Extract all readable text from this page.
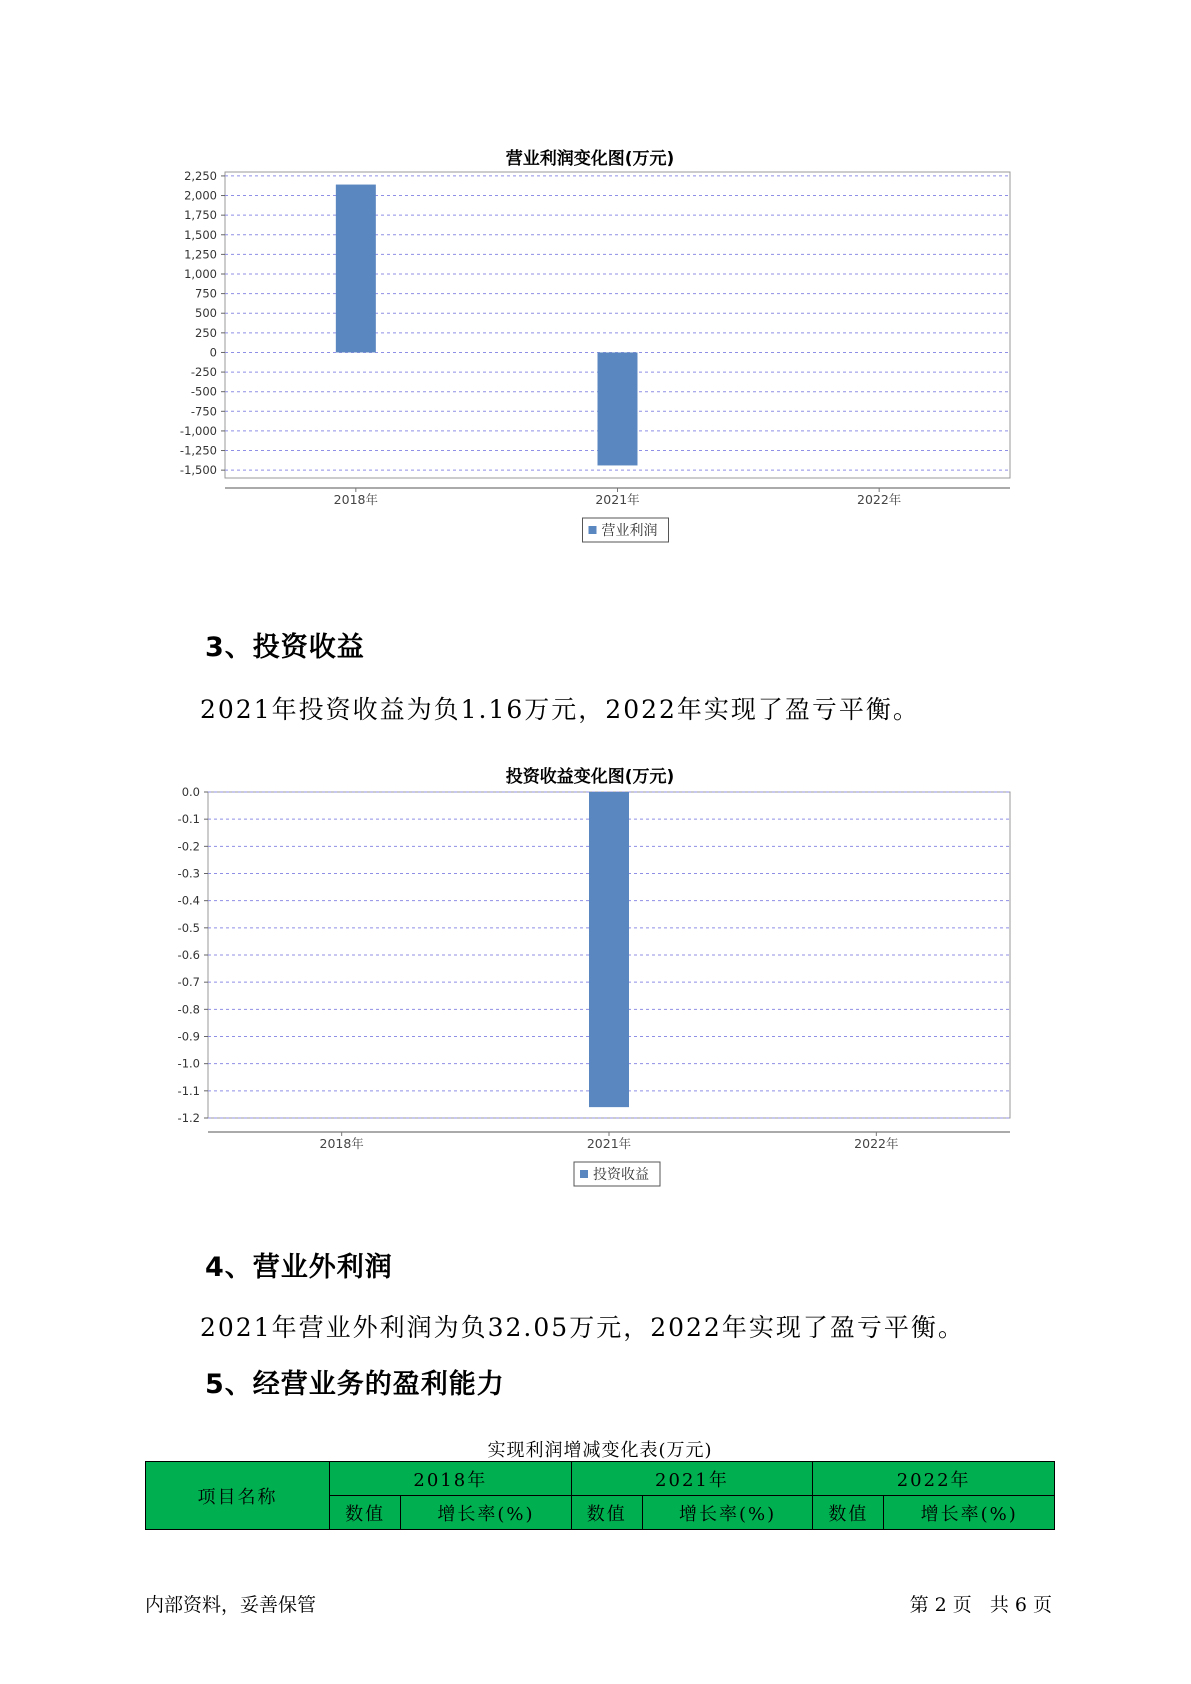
营业利润变化图(万元)
2,250
2,000
1,750
1,500
1,250
1,000
750
500
250
0
-250
-500
-750
-1,000
-1,250
-1,500
2018年	2021年	2022年
营业利润
3、投资收益
2021年投资收益为负1.16万元，2022年实现了盈亏平衡。
投资收益变化图(万元)
0.0
-0.1
-0.2
-0.3
-0.4
-0.5
-0.6
-0.7
-0.8
-0.9
-1.0
-1.1
-1.2
2018年	2021年	2022年
投资收益
4、营业外利润
2021年营业外利润为负32.05万元，2022年实现了盈亏平衡。
5、经营业务的盈利能力
实现利润增减变化表(万元)
项目名称	2018年		2021年		2022年	
	数值	增长率(%)	数值	增长率(%)	数值	增长率(%)
内部资料，妥善保管	第 2 页 共 6 页
